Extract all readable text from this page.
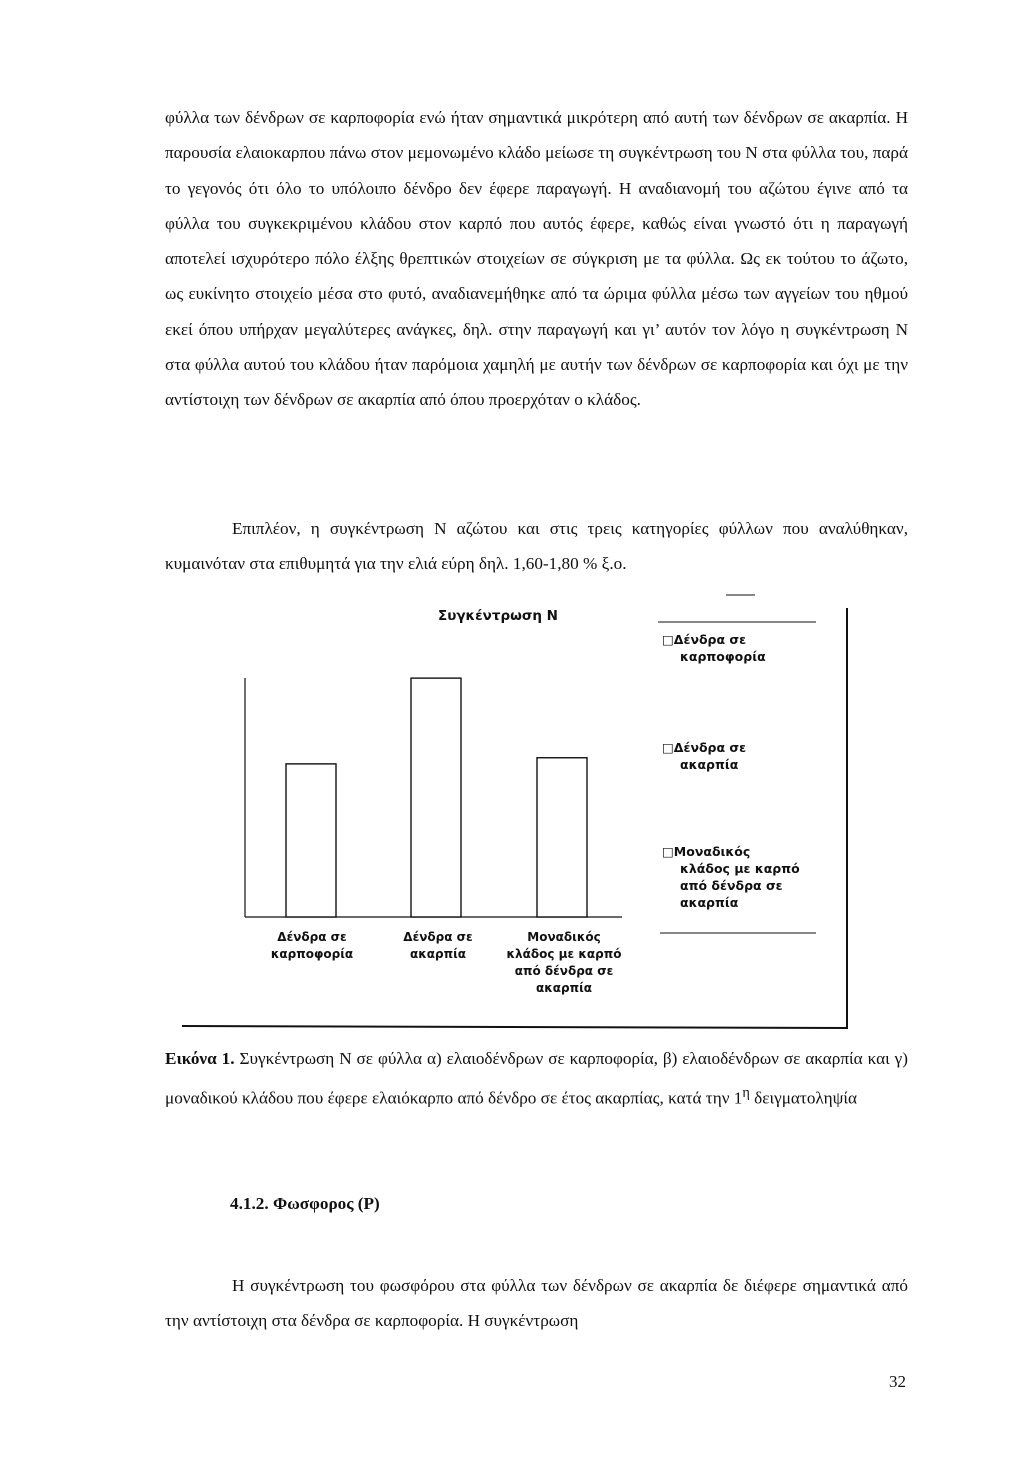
φύλλα των δένδρων σε καρποφορία ενώ ήταν σημαντικά μικρότερη από αυτή των δένδρων σε ακαρπία. Η παρουσία ελαιοκαρπου πάνω στον μεμονωμένο κλάδο μείωσε τη συγκέντρωση του Ν στα φύλλα του, παρά το γεγονός ότι όλο το υπόλοιπο δένδρο δεν έφερε παραγωγή. Η αναδιανομή του αζώτου έγινε από τα φύλλα του συγκεκριμένου κλάδου στον καρπό που αυτός έφερε, καθώς είναι γνωστό ότι η παραγωγή αποτελεί ισχυρότερο πόλο έλξης θρεπτικών στοιχείων σε σύγκριση με τα φύλλα. Ως εκ τούτου το άζωτο, ως ευκίνητο στοιχείο μέσα στο φυτό, αναδιανεμήθηκε από τα ώριμα φύλλα μέσω των αγγείων του ηθμού εκεί όπου υπήρχαν μεγαλύτερες ανάγκες, δηλ. στην παραγωγή και γι’ αυτόν τον λόγο η συγκέντρωση Ν στα φύλλα αυτού του κλάδου ήταν παρόμοια χαμηλή με αυτήν των δένδρων σε καρποφορία και όχι με την αντίστοιχη των δένδρων σε ακαρπία από όπου προερχόταν ο κλάδος.

Επιπλέον, η συγκέντρωση Ν αζώτου και στις τρεις κατηγορίες φύλλων που αναλύθηκαν, κυμαινόταν στα επιθυμητά για την ελιά εύρη δηλ. 1,60-1,80 % ξ.ο.

Συγκέντρωση Ν
Δένδρα σε καρποφορία
Δένδρα σε ακαρπία
Μοναδικός κλάδος με καρπό από δένδρα σε ακαρπία
□Δένδρα σε καρποφορία
□Δένδρα σε ακαρπία
□Μοναδικός κλάδος με καρπό από δένδρα σε ακαρπία

Εικόνα 1. Συγκέντρωση Ν σε φύλλα α) ελαιοδένδρων σε καρποφορία, β) ελαιοδένδρων σε ακαρπία και γ) μοναδικού κλάδου που έφερε ελαιόκαρπο από δένδρο σε έτος ακαρπίας, κατά την $1^\eta$ δειγματοληψία

4.1.2. Φωσφορος (Ρ)

Η συγκέντρωση του φωσφόρου στα φύλλα των δένδρων σε ακαρπία δε διέφερε σημαντικά από την αντίστοιχη στα δένδρα σε καρποφορία. Η συγκέντρωση

32
